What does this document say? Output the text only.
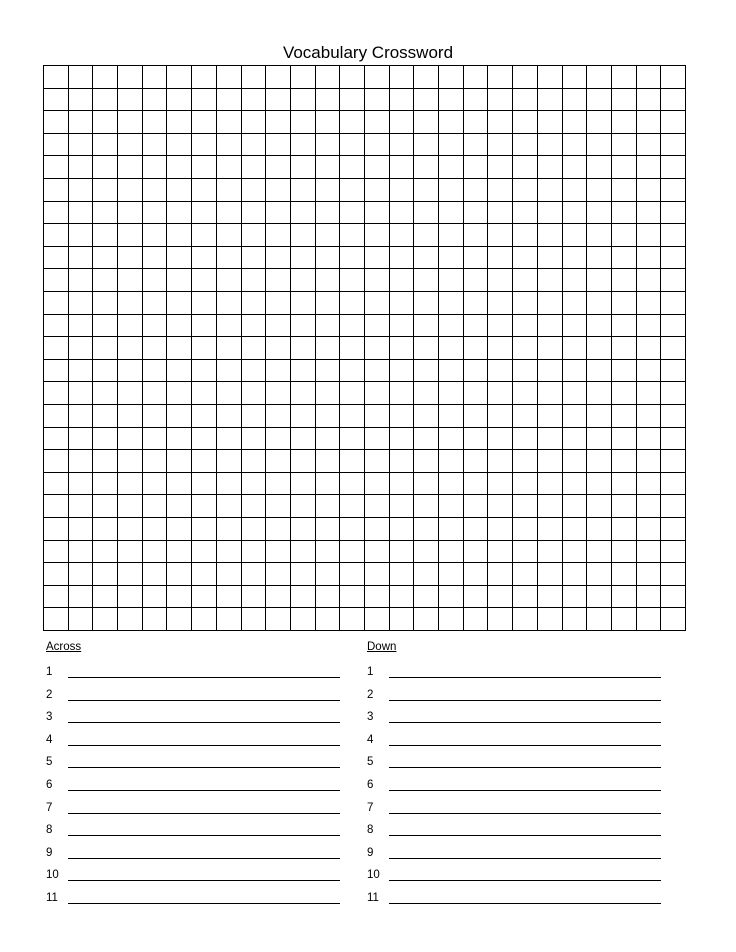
Vocabulary Crossword
Across
1
2
3
4
5
6
7
8
9
10
11
Down
1
2
3
4
5
6
7
8
9
10
11
